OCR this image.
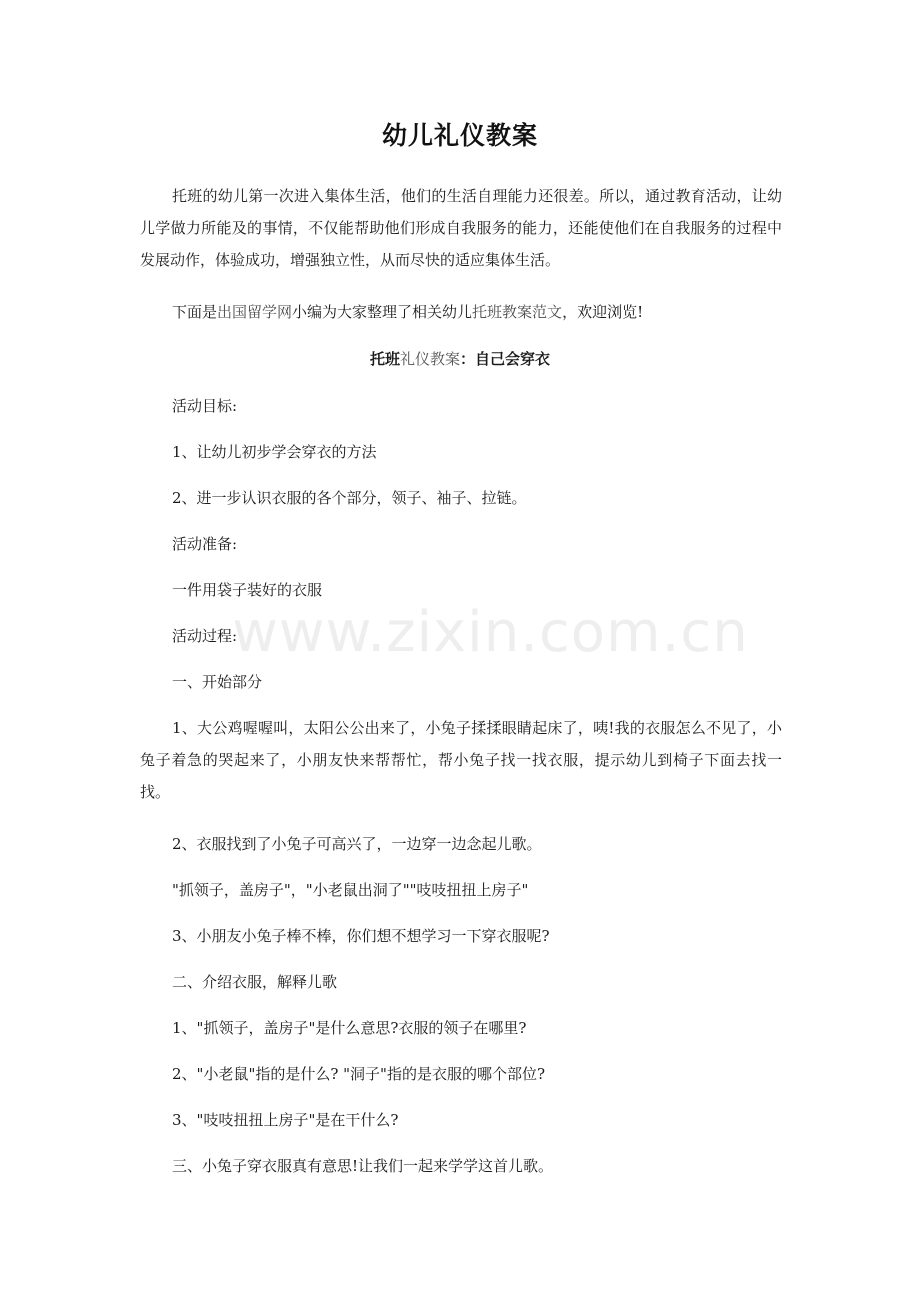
幼儿礼仪教案

托班的幼儿第一次进入集体生活，他们的生活自理能力还很差。所以，通过教育活动，让幼儿学做力所能及的事情，不仅能帮助他们形成自我服务的能力，还能使他们在自我服务的过程中发展动作，体验成功，增强独立性，从而尽快的适应集体生活。

下面是出国留学网小编为大家整理了相关幼儿托班教案范文，欢迎浏览!

托班礼仪教案：自己会穿衣

活动目标:

1、让幼儿初步学会穿衣的方法

2、进一步认识衣服的各个部分，领子、袖子、拉链。

活动准备:

一件用袋子装好的衣服

活动过程:

一、开始部分

1、大公鸡喔喔叫，太阳公公出来了，小兔子揉揉眼睛起床了，咦!我的衣服怎么不见了，小兔子着急的哭起来了，小朋友快来帮帮忙，帮小兔子找一找衣服，提示幼儿到椅子下面去找一找。

2、衣服找到了小兔子可高兴了，一边穿一边念起儿歌。

"抓领子，盖房子"，"小老鼠出洞了""吱吱扭扭上房子"

3、小朋友小兔子棒不棒，你们想不想学习一下穿衣服呢?

二、介绍衣服，解释儿歌

1、"抓领子，盖房子"是什么意思?衣服的领子在哪里?

2、"小老鼠"指的是什么? "洞子"指的是衣服的哪个部位?

3、"吱吱扭扭上房子"是在干什么?

三、小兔子穿衣服真有意思!让我们一起来学学这首儿歌。

www.zixin.com.cn
